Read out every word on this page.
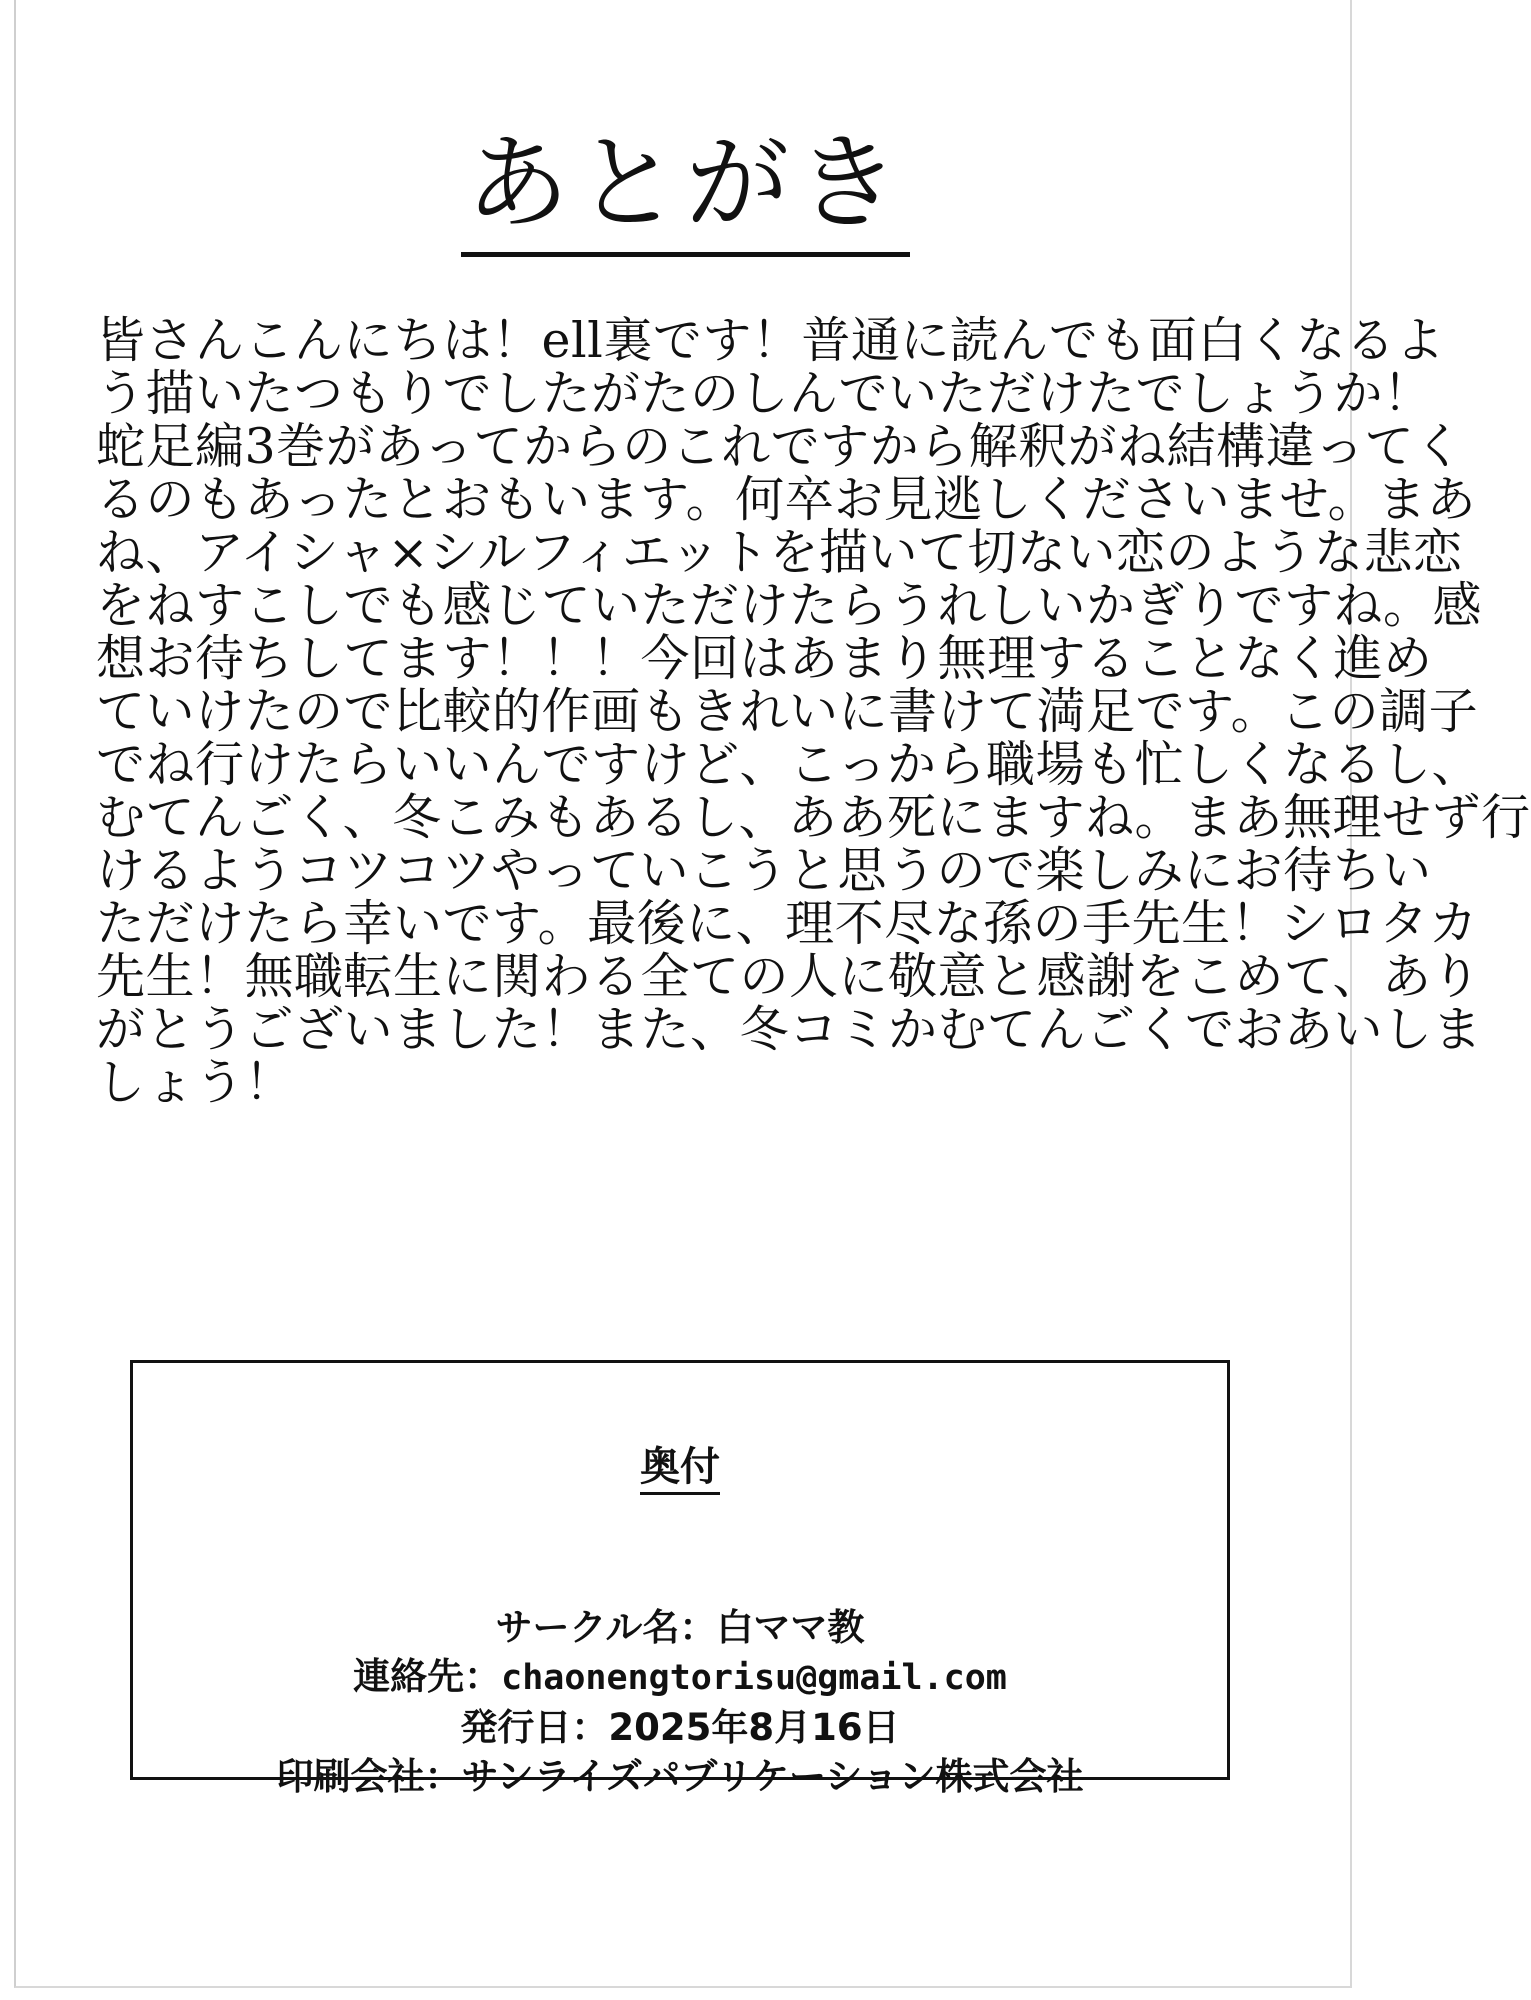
あとがき
皆さんこんにちは！ell裏です！普通に読んでも面白くなるよ
う描いたつもりでしたがたのしんでいただけたでしょうか！
蛇足編3巻があってからのこれですから解釈がね結構違ってく
るのもあったとおもいます。何卒お見逃しくださいませ。まあ
ね、アイシャ×シルフィエットを描いて切ない恋のような悲恋
をねすこしでも感じていただけたらうれしいかぎりですね。感
想お待ちしてます！！！今回はあまり無理することなく進め
ていけたので比較的作画もきれいに書けて満足です。この調子
でね行けたらいいんですけど、こっから職場も忙しくなるし、
むてんごく、冬こみもあるし、ああ死にますね。まあ無理せず行
けるようコツコツやっていこうと思うので楽しみにお待ちい
ただけたら幸いです。最後に、理不尽な孫の手先生！シロタカ
先生！無職転生に関わる全ての人に敬意と感謝をこめて、あり
がとうございました！また、冬コミかむてんごくでおあいしま
しょう！
奥付
サークル名：白ママ教
連絡先：chaonengtorisu@gmail.com
発行日：2025年8月16日
印刷会社：サンライズパブリケーション株式会社
